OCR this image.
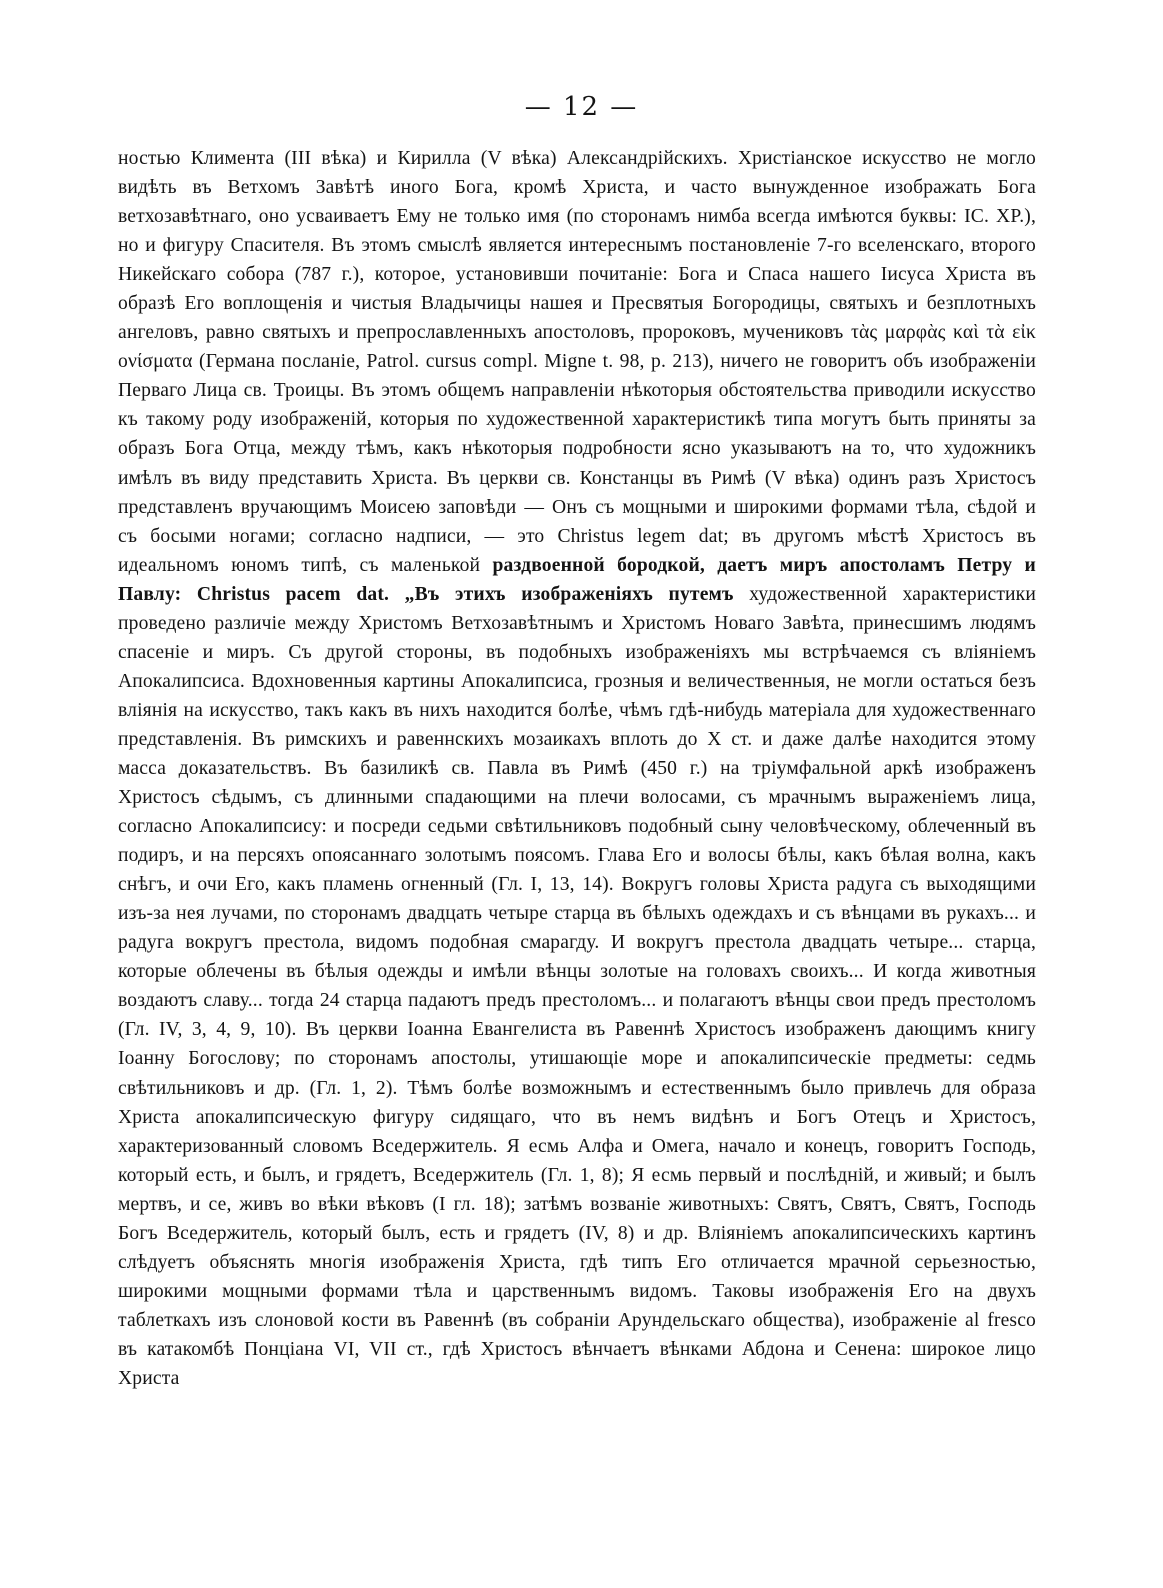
— 12 —

ностью Климента (III вѣка) и Кирилла (V вѣка) Александрійскихъ. Христіанское искусство не могло видѣть въ Ветхомъ Завѣтѣ иного Бога, кромѣ Христа, и часто вынужденное изображать Бога ветхозавѣтнаго, оно усваиваетъ Ему не только имя (по сторонамъ нимба всегда имѣются буквы: IC. XP.), но и фигуру Спасителя. Въ этомъ смыслѣ является интереснымъ постановленіе 7-го вселенскаго, второго Никейскаго собора (787 г.), которое, установивши почитаніе: Бога и Спаса нашего Іисуса Христа въ образѣ Его воплощенія и чистыя Владычицы нашея и Пресвятыя Богородицы, святыхъ и безплотныхъ ангеловъ, равно святыхъ и препрославленныхъ апостоловъ, пророковъ, мучениковъ τὰς μαρφὰς καὶ τὰ εἰκ ονίσματα (Германа посланіе, Patrol. cursus compl. Migne t. 98, p. 213), ничего не говоритъ объ изображеніи Перваго Лица св. Троицы. Въ этомъ общемъ направленіи нѣкоторыя обстоятельства приводили искусство къ такому роду изображеній, которыя по художественной характеристикѣ типа могутъ быть приняты за образъ Бога Отца, между тѣмъ, какъ нѣкоторыя подробности ясно указываютъ на то, что художникъ имѣлъ въ виду представить Христа. Въ церкви св. Констанцы въ Римѣ (V вѣка) одинъ разъ Христосъ представленъ вручающимъ Моисею заповѣди — Онъ съ мощными и широкими формами тѣла, сѣдой и съ босыми ногами; согласно надписи, — это Christus legem dat; въ другомъ мѣстѣ Христосъ въ идеальномъ юномъ типѣ, съ маленькой раздвоенной бородкой, даетъ миръ апостоламъ Петру и Павлу: Christus pacem dat. „Въ этихъ изображеніяхъ путемъ художественной характеристики проведено различіе между Христомъ Ветхозавѣтнымъ и Христомъ Новаго Завѣта, принесшимъ людямъ спасеніе и миръ. Съ другой стороны, въ подобныхъ изображеніяхъ мы встрѣчаемся съ вліяніемъ Апокалипсиса. Вдохновенныя картины Апокалипсиса, грозныя и величественныя, не могли остаться безъ вліянія на искусство, такъ какъ въ нихъ находится болѣе, чѣмъ гдѣ-нибудь матеріала для художественнаго представленія. Въ римскихъ и равеннскихъ мозаикахъ вплоть до X ст. и даже далѣе находится этому масса доказательствъ. Въ базиликѣ св. Павла въ Римѣ (450 г.) на тріумфальной аркѣ изображенъ Христосъ сѣдымъ, съ длинными спадающими на плечи волосами, съ мрачнымъ выраженіемъ лица, согласно Апокалипсису: и посреди седьми свѣтильниковъ подобный сыну человѣческому, облеченный въ подиръ, и на персяхъ опоясаннаго золотымъ поясомъ. Глава Его и волосы бѣлы, какъ бѣлая волна, какъ снѣгъ, и очи Его, какъ пламень огненный (Гл. I, 13, 14). Вокругъ головы Христа радуга съ выходящими изъ-за нея лучами, по сторонамъ двадцать четыре старца въ бѣлыхъ одеждахъ и съ вѣнцами въ рукахъ... и радуга вокругъ престола, видомъ подобная смарагду. И вокругъ престола двадцать четыре... старца, которые облечены въ бѣлыя одежды и имѣли вѣнцы золотые на головахъ своихъ... И когда животныя воздаютъ славу... тогда 24 старца падаютъ предъ престоломъ... и полагаютъ вѣнцы свои предъ престоломъ (Гл. IV, 3, 4, 9, 10). Въ церкви Іоанна Евангелиста въ Равеннѣ Христосъ изображенъ дающимъ книгу Іоанну Богослову; по сторонамъ апостолы, утишающіе море и апокалипсическіе предметы: седмь свѣтильниковъ и др. (Гл. 1, 2). Тѣмъ болѣе возможнымъ и естественнымъ было привлечь для образа Христа апокалипсическую фигуру сидящаго, что въ немъ видѣнъ и Богъ Отецъ и Христосъ, характеризованный словомъ Вседержитель. Я есмь Алфа и Омега, начало и конецъ, говоритъ Господь, который есть, и былъ, и грядетъ, Вседержитель (Гл. 1, 8); Я есмь первый и послѣдній, и живый; и былъ мертвъ, и се, живъ во вѣки вѣковъ (I гл. 18); затѣмъ возваніе животныхъ: Святъ, Святъ, Святъ, Господь Богъ Вседержитель, который былъ, есть и грядетъ (IV, 8) и др. Вліяніемъ апокалипсическихъ картинъ слѣдуетъ объяснять многія изображенія Христа, гдѣ типъ Его отличается мрачной серьезностью, широкими мощными формами тѣла и царственнымъ видомъ. Таковы изображенія Его на двухъ таблеткахъ изъ слоновой кости въ Равеннѣ (въ собраніи Арундельскаго общества), изображеніе al fresco въ катакомбѣ Понціана VI, VII ст., гдѣ Христосъ вѣнчаетъ вѣнками Абдона и Сенена: широкое лицо Христа
